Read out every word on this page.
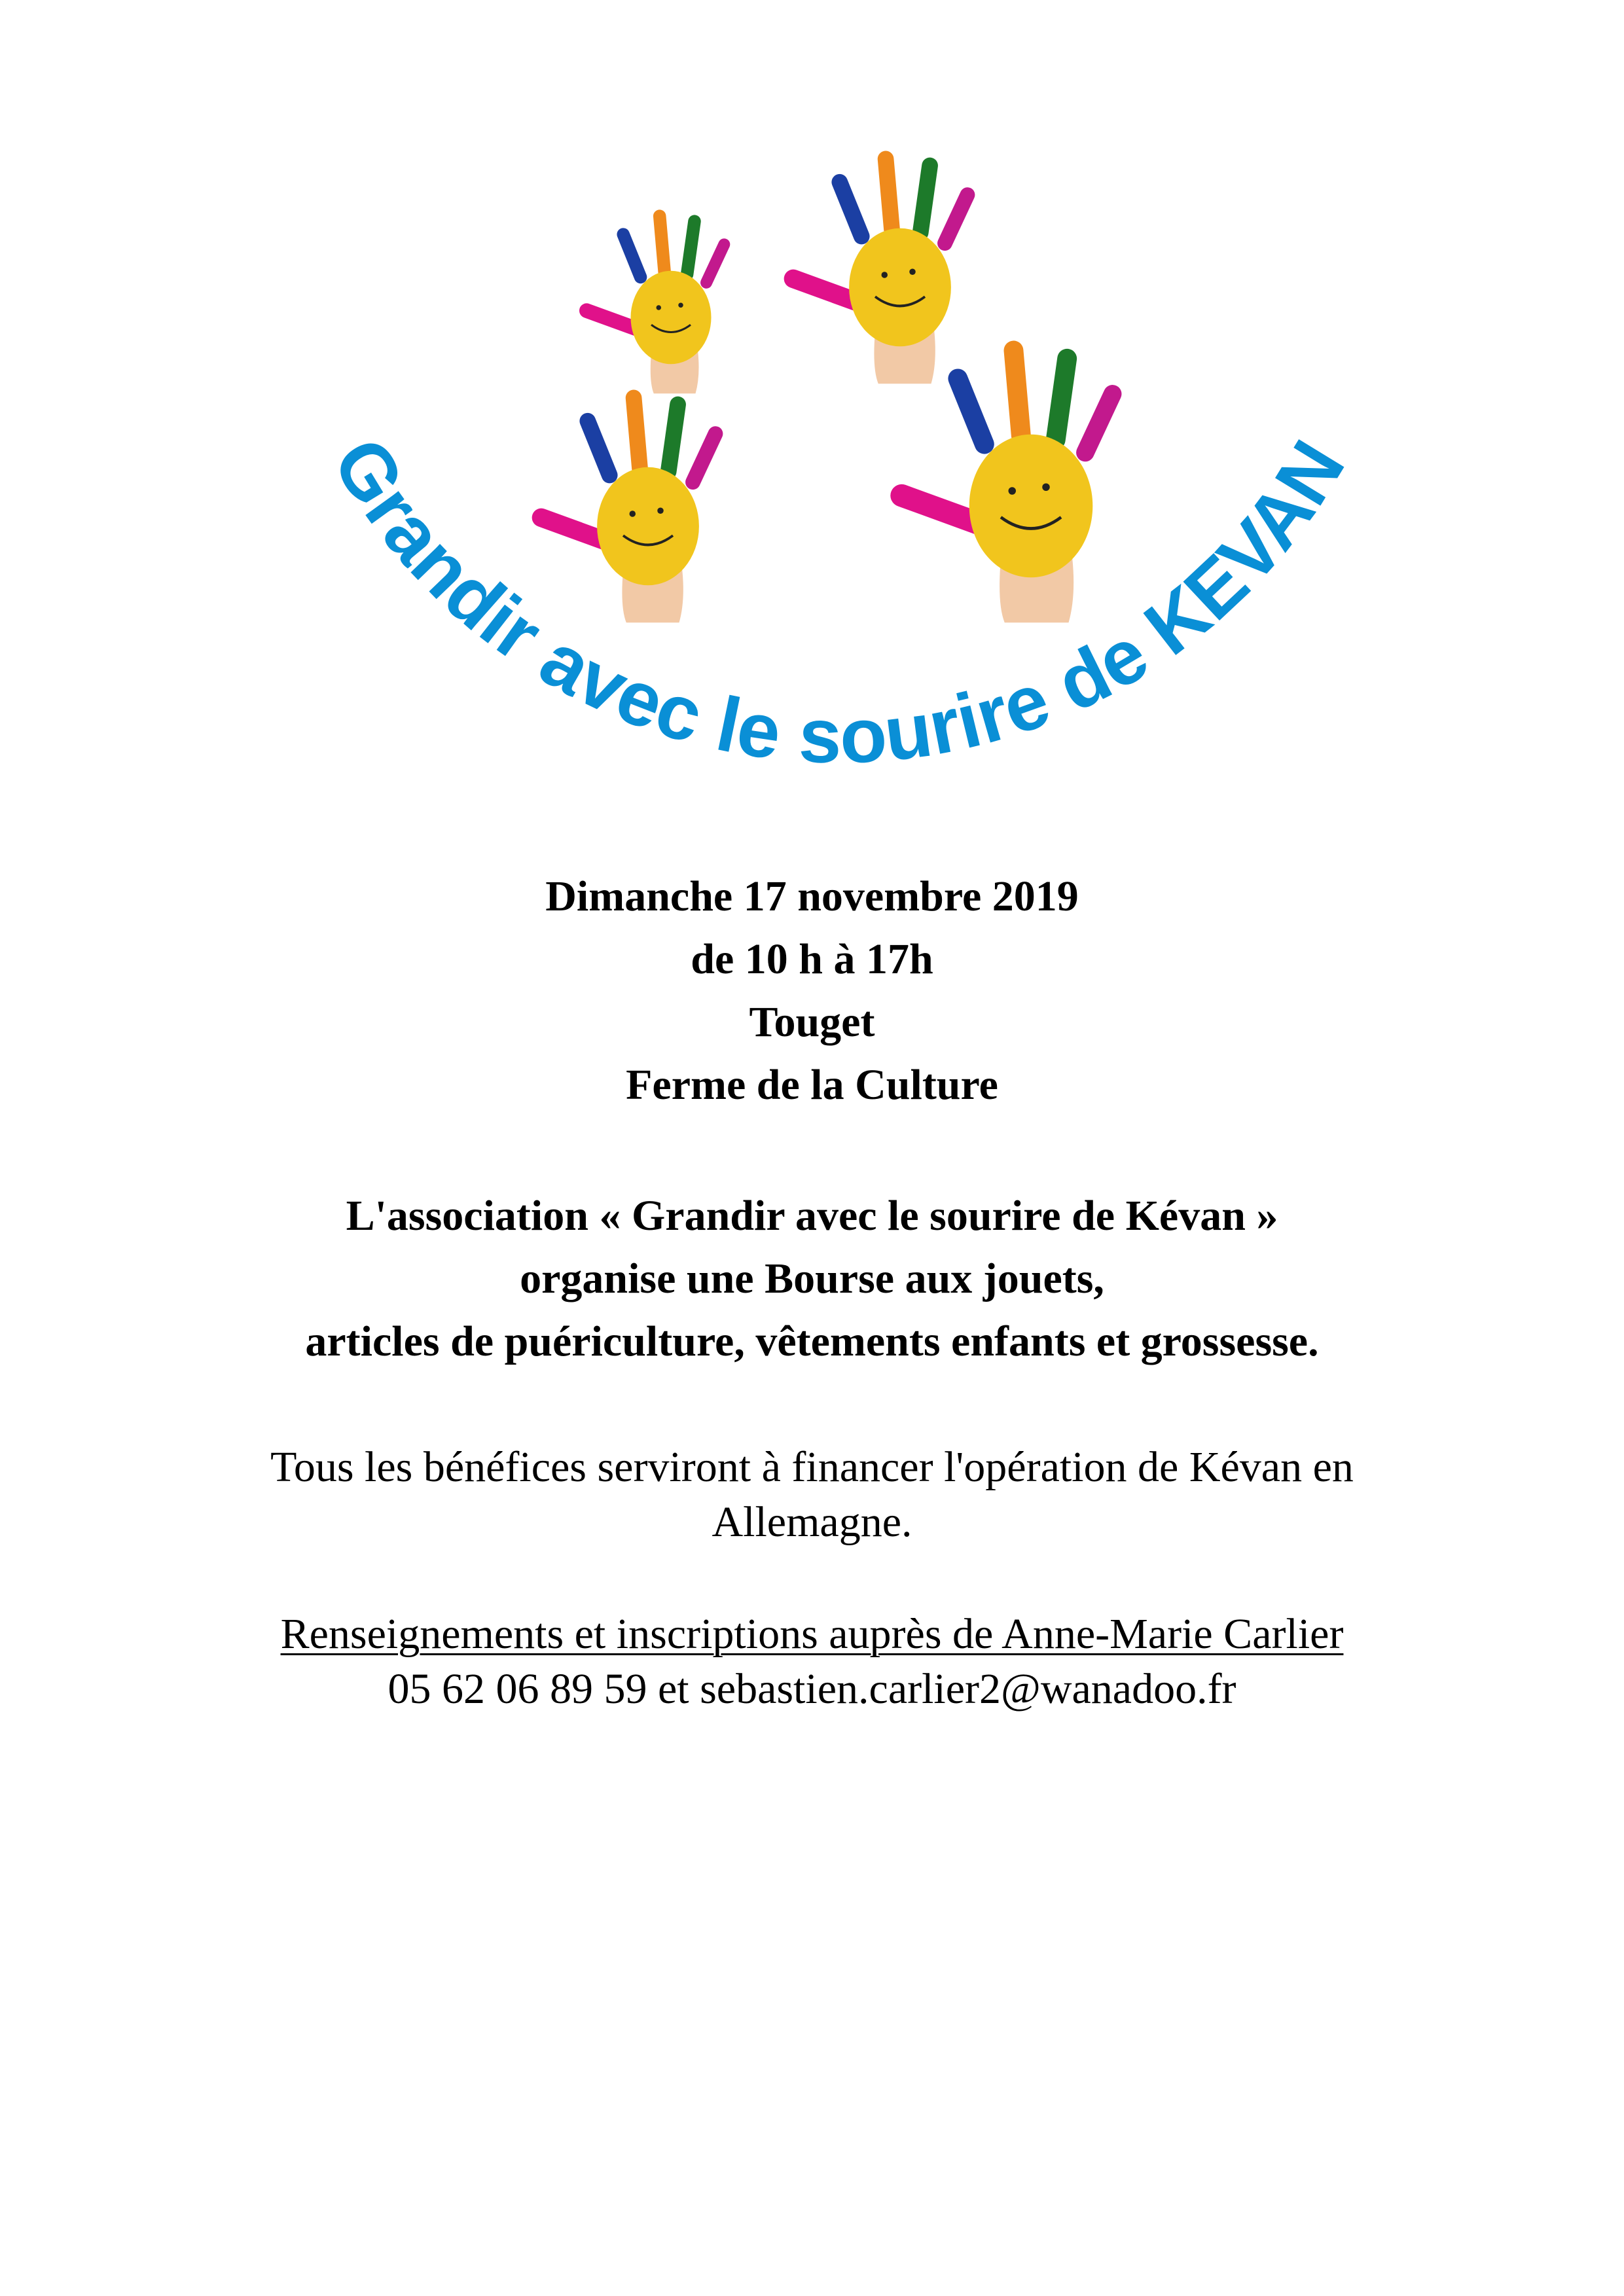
Grandir avec le sourire de KEVAN
Dimanche 17 novembre 2019
de 10 h à 17h
Touget
Ferme de la Culture
L'association « Grandir avec le sourire de Kévan »
organise une Bourse aux jouets,
articles de puériculture, vêtements enfants et grossesse.
Tous les bénéfices serviront à financer l'opération de Kévan en
Allemagne.
Renseignements et inscriptions auprès de Anne-Marie Carlier
05 62 06 89 59 et sebastien.carlier2@wanadoo.fr
